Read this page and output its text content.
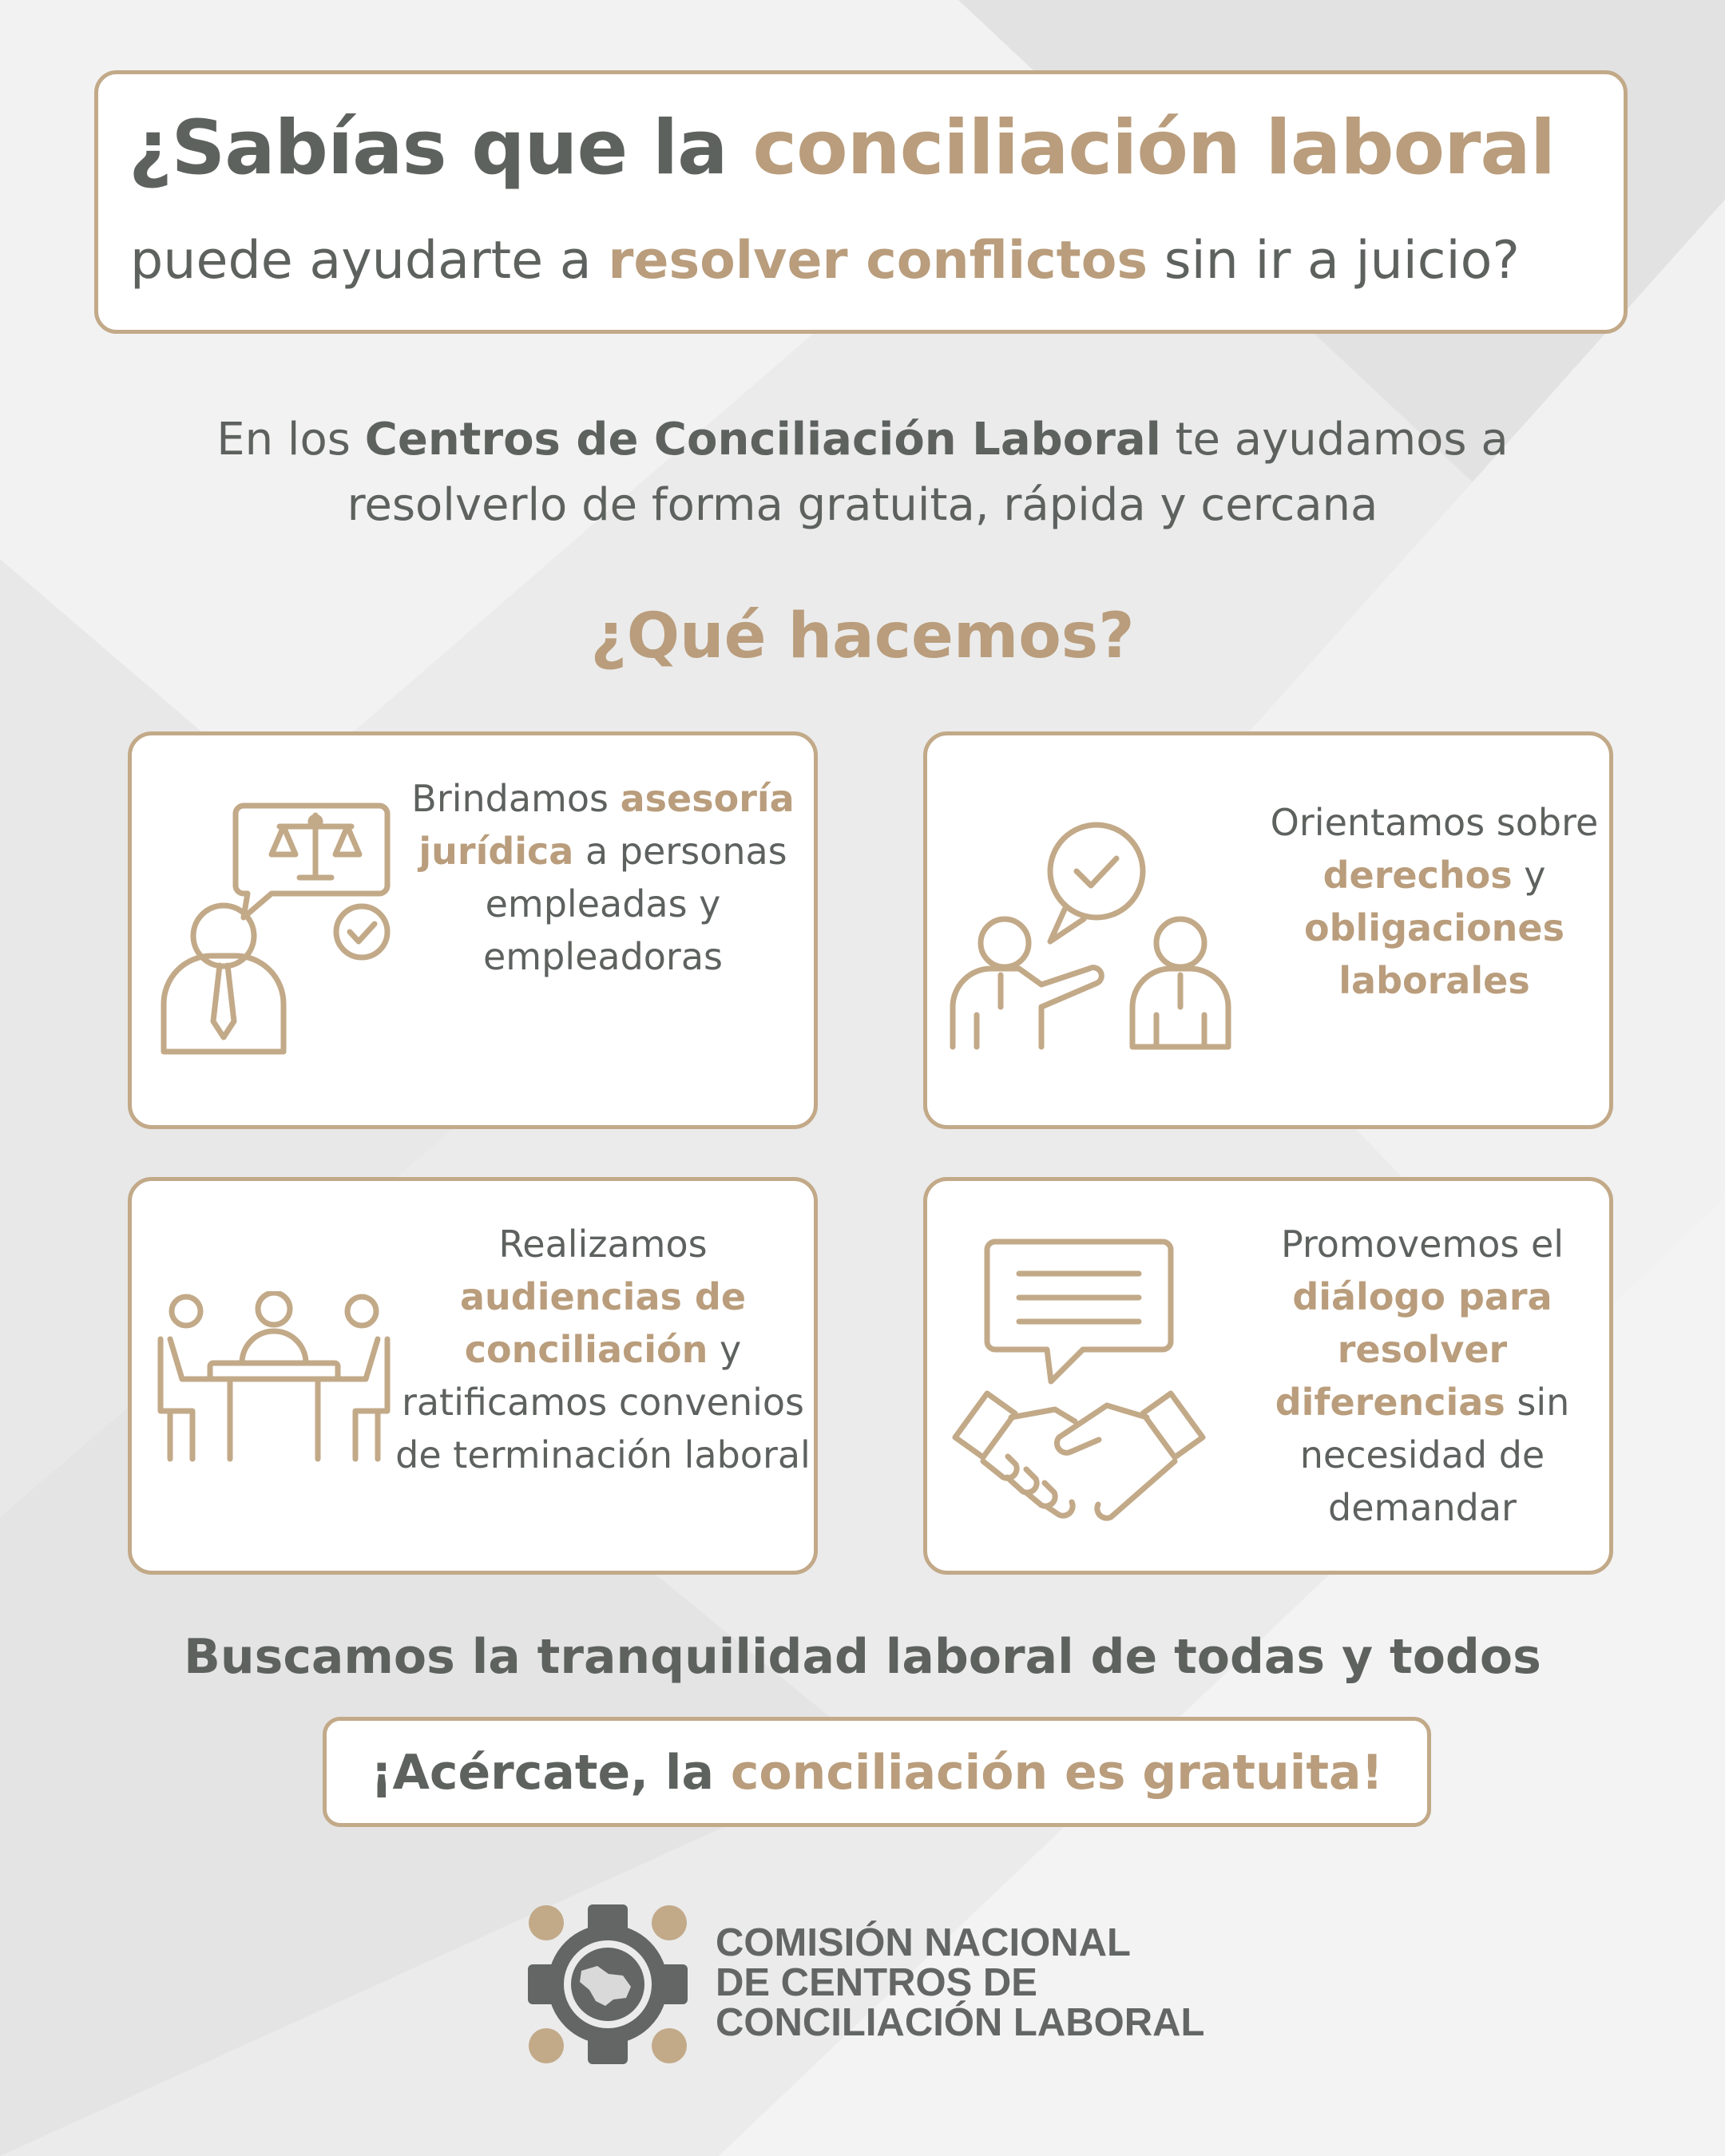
¿Sabías que la conciliación laboral
puede ayudarte a resolver conflictos sin ir a juicio?
En los Centros de Conciliación Laboral te ayudamos a resolverlo de forma gratuita, rápida y cercana
¿Qué hacemos?
Brindamos asesoría jurídica a personas empleadas y empleadoras
Orientamos sobre derechos y obligaciones laborales
Realizamos audiencias de conciliación y ratificamos convenios de terminación laboral
Promovemos el diálogo para resolver diferencias sin necesidad de demandar
Buscamos la tranquilidad laboral de todas y todos
¡Acércate, la conciliación es gratuita!
COMISIÓN NACIONAL
DE CENTROS DE
CONCILIACIÓN LABORAL
